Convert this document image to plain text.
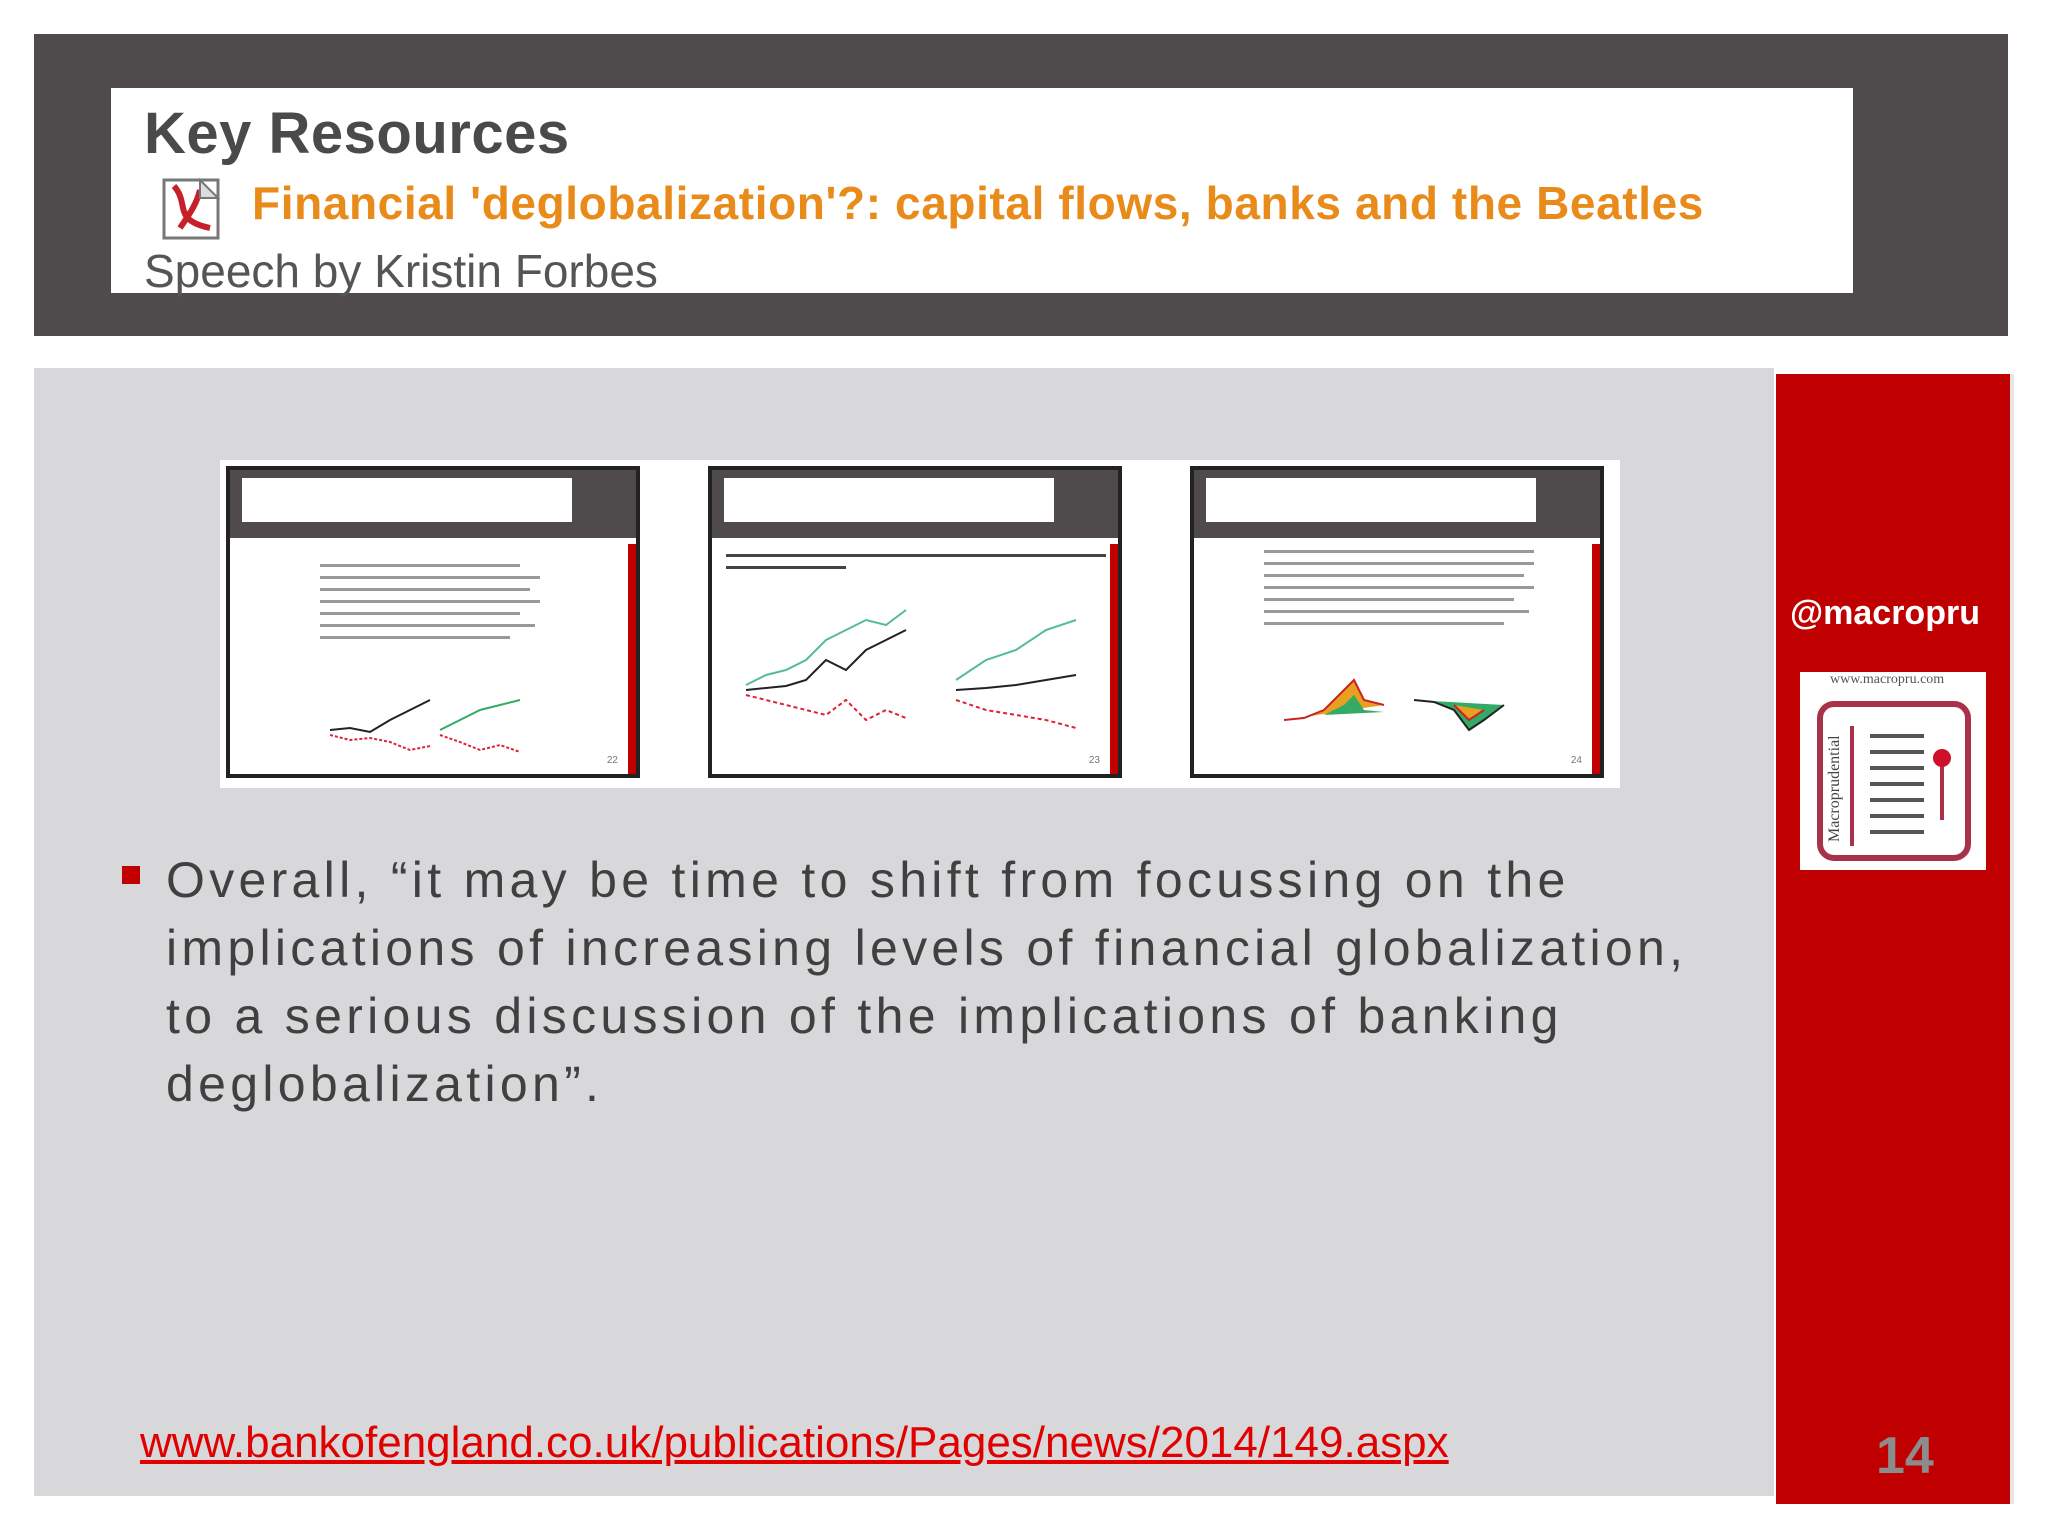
Key Resources
Financial 'deglobalization'?: capital flows, banks and the Beatles
Speech by Kristin Forbes
22	23	24

Overall, “it may be time to shift from focussing on the implications of increasing levels of financial globalization, to a serious discussion of the implications of banking deglobalization”.

www.bankofengland.co.uk/publications/Pages/news/2014/149.aspx
@macropru
www.macropru.com
Macroprudential
14
